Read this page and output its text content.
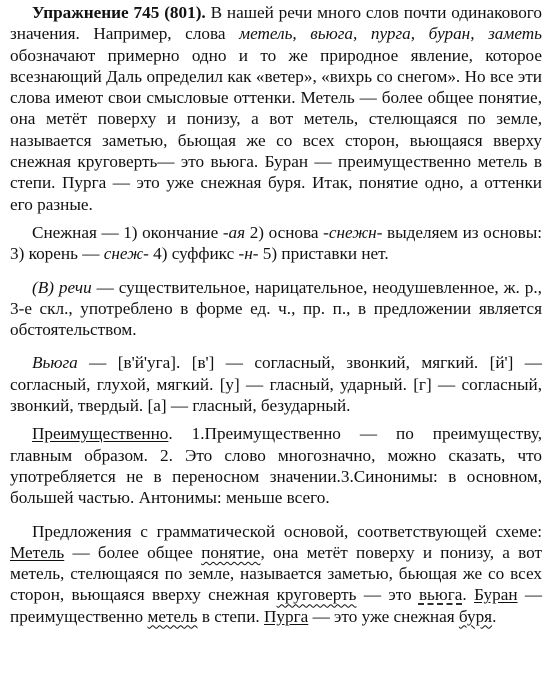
Упражнение 745 (801). В нашей речи много слов почти одинакового значения. Например, слова метель, вьюга, пурга, буран, заметь обозначают примерно одно и то же природное явление, которое всезнающий Даль определил как «ветер», «вихрь со снегом». Но все эти слова имеют свои смысловые оттенки. Метель — более общее понятие, она метёт поверху и понизу, а вот метель, стелющаяся по земле, называется заметью, бьющая же со всех сторон, вьющаяся вверху снежная круговерть— это вьюга. Буран — преимущественно метель в степи. Пурга — это уже снежная буря. Итак, понятие одно, а оттенки его разные.

Снежная — 1) окончание -ая 2) основа -снежн- выделяем из основы: 3) корень — снеж- 4) суффикс -н- 5) приставки нет.

(В) речи — существительное, нарицательное, неодушевленное, ж. р., 3-е скл., употреблено в форме ед. ч., пр. п., в предложении является обстоятельством.

Вьюга — [в'й'уга]. [в'] — согласный, звонкий, мягкий. [й'] — согласный, глухой, мягкий. [у] — гласный, ударный. [г] — согласный, звонкий, твердый. [а] — гласный, безударный.

Преимущественно. 1.Преимущественно — по преимуществу, главным образом. 2. Это слово многозначно, можно сказать, что употребляется не в переносном значении.3.Синонимы: в основном, большей частью. Антонимы: меньше всего.

Предложения с грамматической основой, соответствующей схеме: Метель — более общее понятие, она метёт поверху и понизу, а вот метель, стелющаяся по земле, называется заметью, бьющая же со всех сторон, вьющаяся вверху снежная круговерть — это вьюга. Буран — преимущественно метель в степи. Пурга — это уже снежная буря.
